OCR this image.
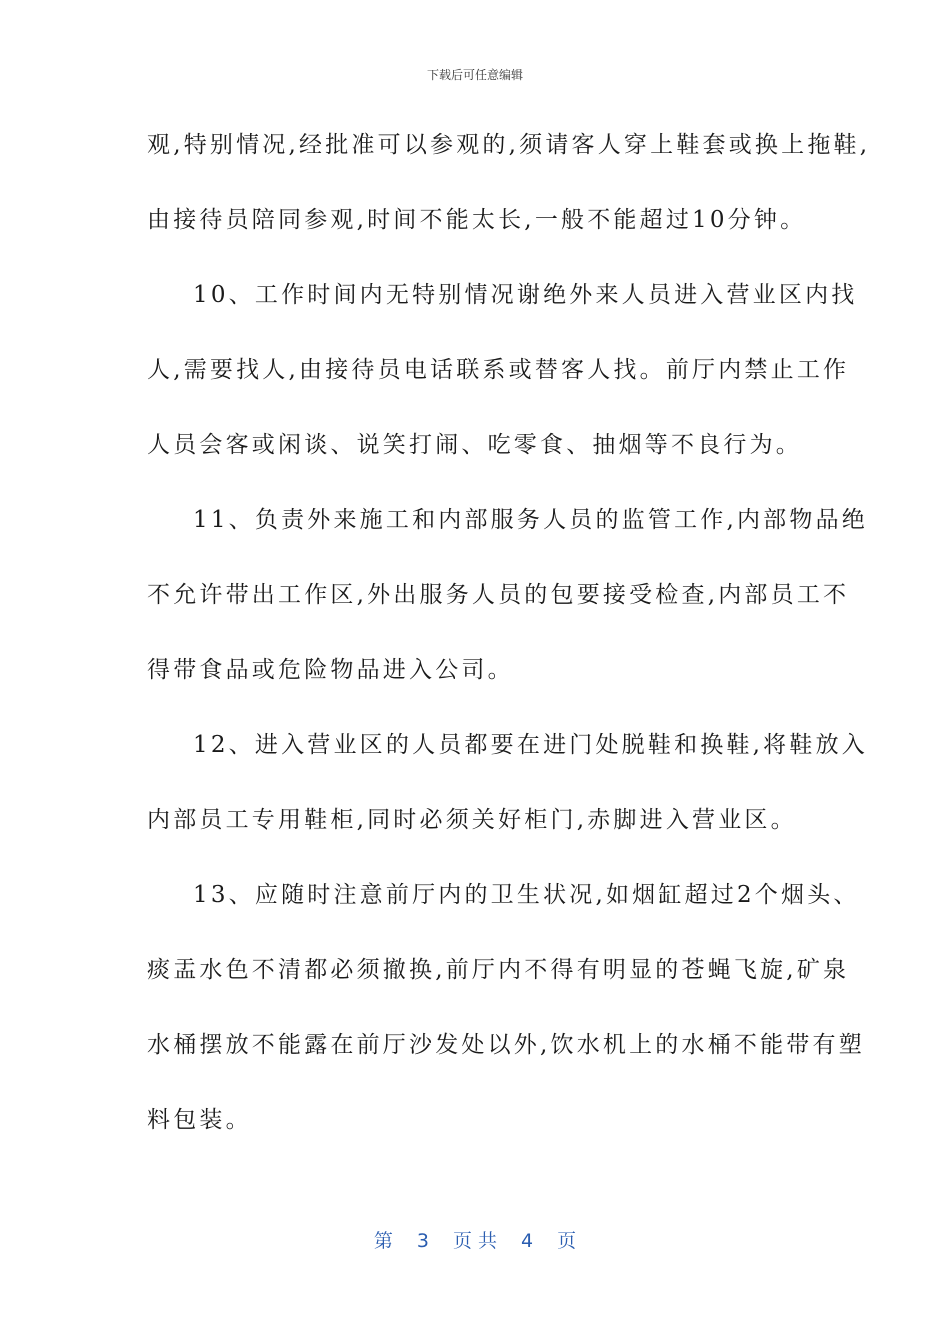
下载后可任意编辑
观,特别情况,经批准可以参观的,须请客人穿上鞋套或换上拖鞋,
由接待员陪同参观,时间不能太长,一般不能超过10分钟。
10、工作时间内无特别情况谢绝外来人员进入营业区内找
人,需要找人,由接待员电话联系或替客人找。前厅内禁止工作
人员会客或闲谈、说笑打闹、吃零食、抽烟等不良行为。
11、负责外来施工和内部服务人员的监管工作,内部物品绝
不允许带出工作区,外出服务人员的包要接受检查,内部员工不
得带食品或危险物品进入公司。
12、进入营业区的人员都要在进门处脱鞋和换鞋,将鞋放入
内部员工专用鞋柜,同时必须关好柜门,赤脚进入营业区。
13、应随时注意前厅内的卫生状况,如烟缸超过2个烟头、
痰盂水色不清都必须撤换,前厅内不得有明显的苍蝇飞旋,矿泉
水桶摆放不能露在前厅沙发处以外,饮水机上的水桶不能带有塑
料包装。
第 3 页 共 4 页
